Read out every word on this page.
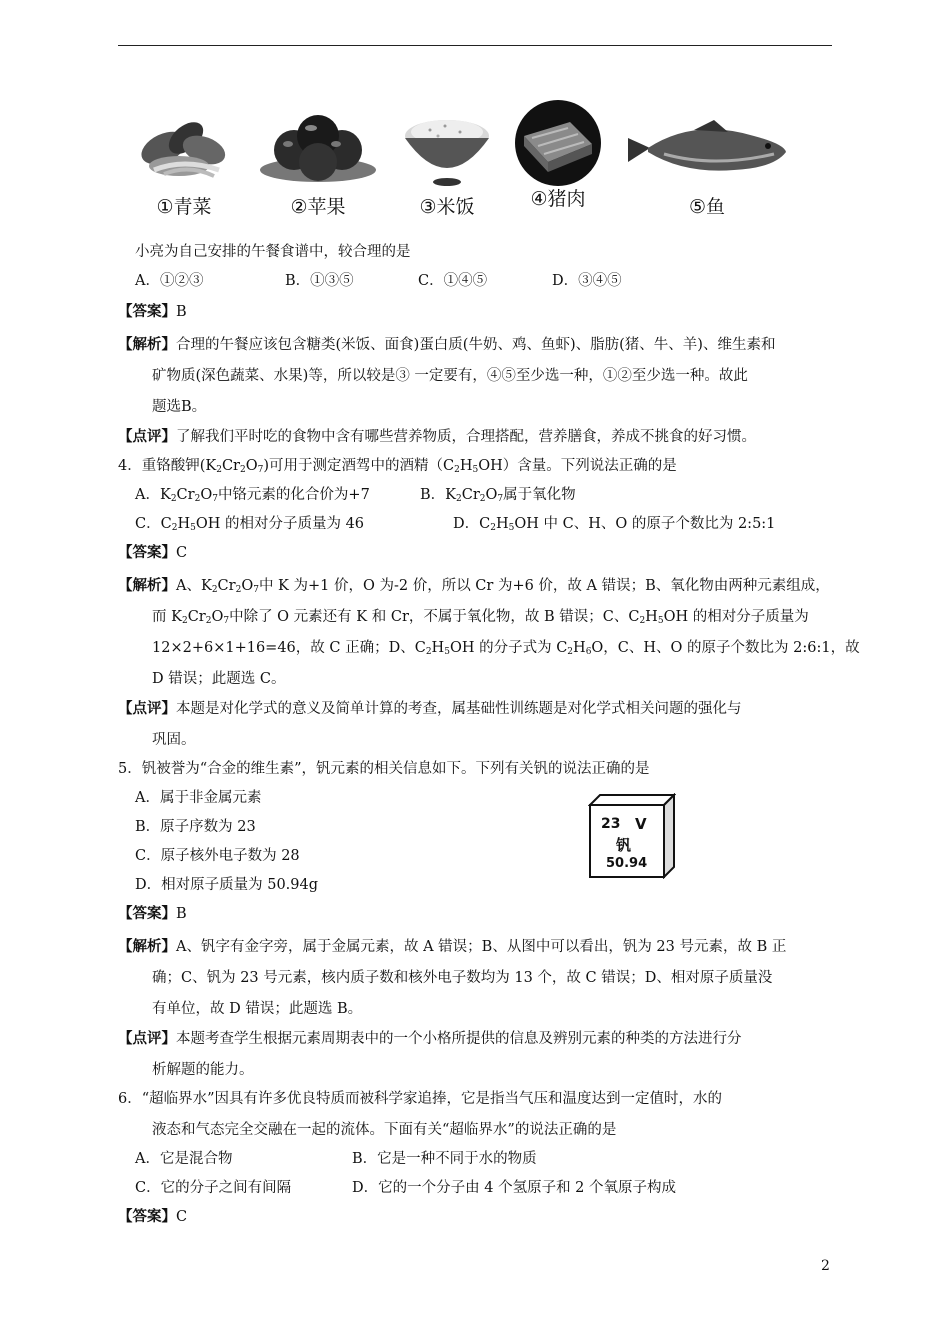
①青菜	②苹果	③米饭	④猪肉	⑤鱼
小亮为自己安排的午餐食谱中，较合理的是
A．①②③	B．①③⑤	C．①④⑤	D．③④⑤
【答案】B
【解析】合理的午餐应该包含糖类(米饭、面食)蛋白质(牛奶、鸡、鱼虾)、脂肪(猪、牛、羊)、维生素和
矿物质(深色蔬菜、水果)等，所以较是③ 一定要有，④⑤至少选一种，①②至少选一种。故此
题选B。
【点评】了解我们平时吃的食物中含有哪些营养物质，合理搭配，营养膳食，养成不挑食的好习惯。
4．重铬酸钾$(K_2Cr_2O_7)$可用于测定酒驾中的酒精$(C_2H_5OH)$含量。下列说法正确的是
A．$K_2Cr_2O_7$中铬元素的化合价为+7	B．$K_2Cr_2O_7$属于氧化物
C．$C_2H_5OH$ 的相对分子质量为 46	D．$C_2H_5OH$ 中 C、H、O 的原子个数比为 2:5:1
【答案】C
【解析】A、$K_2Cr_2O_7$中 K 为+1 价，O 为-2 价，所以 Cr 为+6 价，故 A 错误；B、氧化物由两种元素组成，
而 $K_2Cr_2O_7$中除了 O 元素还有 K 和 Cr，不属于氧化物，故 B 错误；C、$C_2H_5OH$ 的相对分子质量为
12×2+6×1+16=46，故 C 正确；D、$C_2H_5OH$ 的分子式为 $C_2H_6O$，C、H、O 的原子个数比为 2:6:1，故
D 错误；此题选 C。
【点评】本题是对化学式的意义及简单计算的考查，属基础性训练题是对化学式相关问题的强化与
巩固。
5．钒被誉为“合金的维生素”，钒元素的相关信息如下。下列有关钒的说法正确的是
A．属于非金属元素
B．原子序数为 23
C．原子核外电子数为 28
D．相对原子质量为 50.94g
23 V
钒
50.94
【答案】B
【解析】A、钒字有金字旁，属于金属元素，故 A 错误；B、从图中可以看出，钒为 23 号元素，故 B 正
确；C、钒为 23 号元素，核内质子数和核外电子数均为 13 个，故 C 错误；D、相对原子质量没
有单位，故 D 错误；此题选 B。
【点评】本题考查学生根据元素周期表中的一个小格所提供的信息及辨别元素的种类的方法进行分
析解题的能力。
6．“超临界水”因具有许多优良特质而被科学家追捧，它是指当气压和温度达到一定值时，水的
液态和气态完全交融在一起的流体。下面有关“超临界水”的说法正确的是
A．它是混合物	B．它是一种不同于水的物质
C．它的分子之间有间隔	D．它的一个分子由 4 个氢原子和 2 个氧原子构成
【答案】C
2
